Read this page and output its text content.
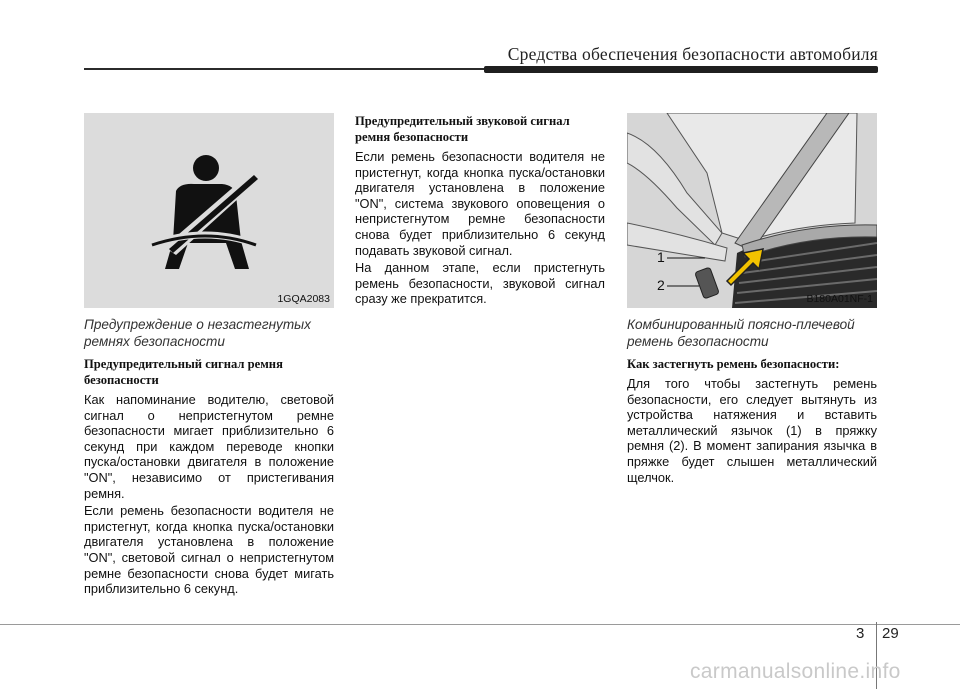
Средства обеспечения безопасности автомобиля
1GQA2083

Предупреждение о незастегнутых ремнях безопасности

Предупредительный сигнал ремня безопасности

Как напоминание водителю, световой сигнал о непристегнутом ремне безопасности мигает приблизительно 6 секунд при каждом переводе кнопки пуска/остановки двигателя в положение "ON", независимо от пристегивания ремня.

Если ремень безопасности водителя не пристегнут, когда кнопка пуска/остановки двигателя установлена в положение "ON", световой сигнал о непристегнутом ремне безопасности снова будет мигать приблизительно 6 секунд.

Предупредительный звуковой сигнал ремня безопасности

Если ремень безопасности водителя не пристегнут, когда кнопка пуска/остановки двигателя установлена в положение "ON", система звукового оповещения о непристегнутом ремне безопасности снова будет приблизительно 6 секунд подавать звуковой сигнал.

На данном этапе, если пристегнуть ремень безопасности, звуковой сигнал сразу же прекратится.

1
2
B180A01NF-1

Комбинированный поясно-плечевой ремень безопасности

Как застегнуть ремень безопасности:

Для того чтобы застегнуть ремень безопасности, его следует вытянуть из устройства натяжения и вставить металлический язычок (1) в пряжку ремня (2). В момент запирания язычка в пряжке будет слышен металлический щелчок.

3 29
carmanualsonline.info
